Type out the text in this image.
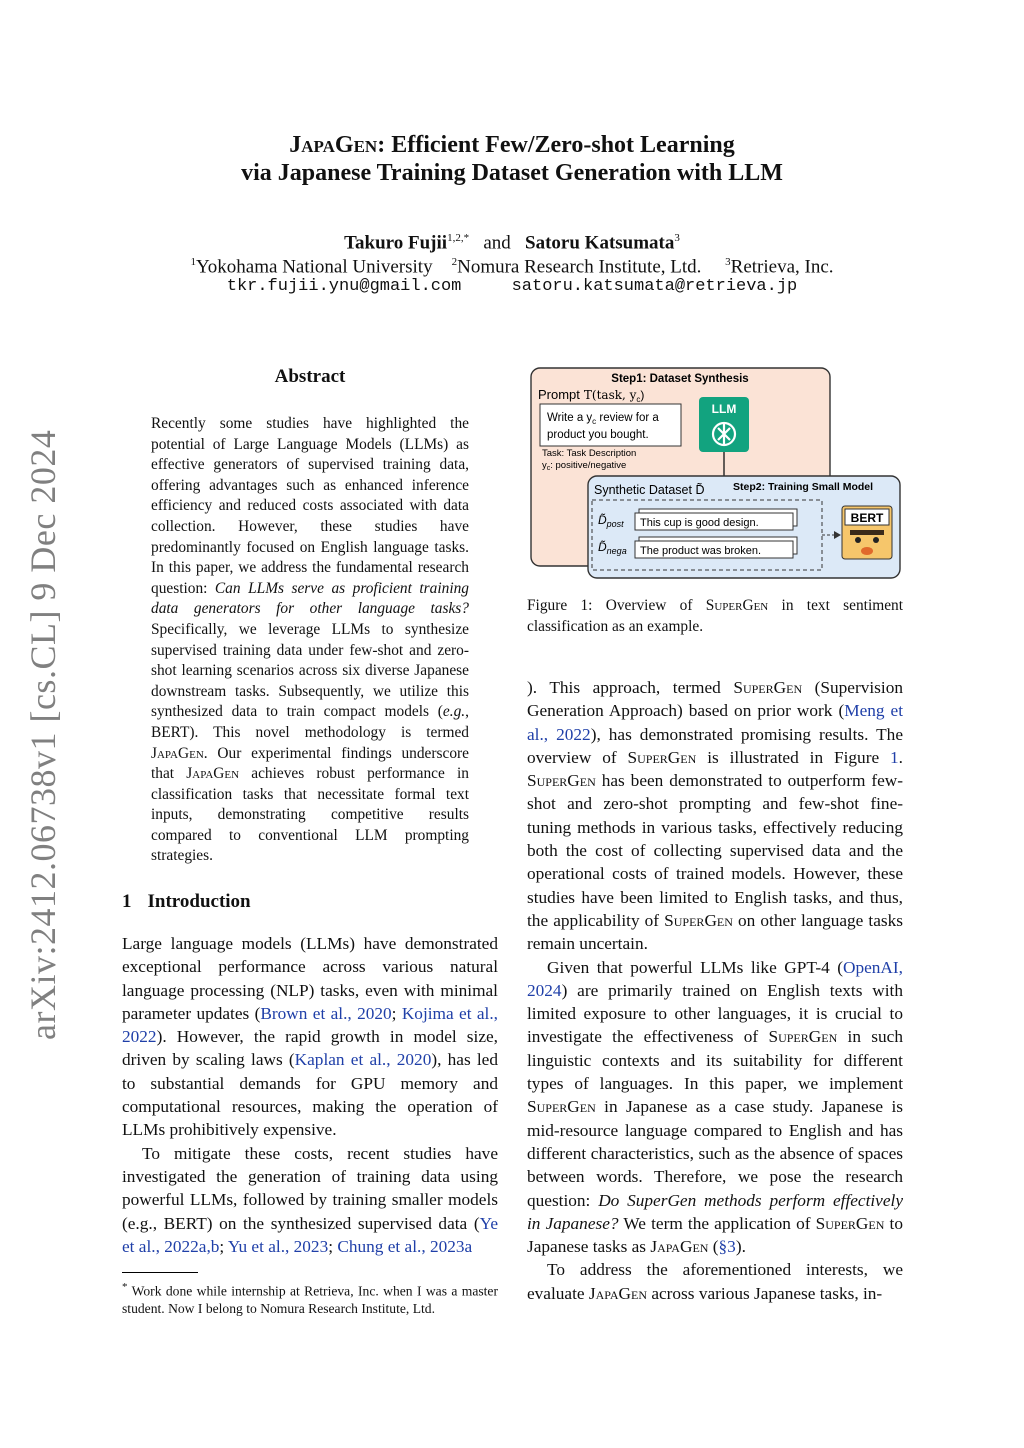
arXiv:2412.06738v1 [cs.CL] 9 Dec 2024
JapaGen: Efficient Few/Zero-shot Learning
via Japanese Training Dataset Generation with LLM
Takuro Fujii$^{1,2,*}$ and Satoru Katsumata$^3$
$^1$Yokohama National University $^2$Nomura Research Institute, Ltd. $^3$Retrieva, Inc.
tkr.fujii.ynu@gmail.com	satoru.katsumata@retrieva.jp
Abstract
Recently some studies have highlighted the potential of Large Language Models (LLMs) as effective generators of supervised training data, offering advantages such as enhanced inference efficiency and reduced costs associated with data collection. However, these studies have predominantly focused on English language tasks. In this paper, we address the fundamental research question: Can LLMs serve as proficient training data generators for other language tasks? Specifically, we leverage LLMs to synthesize supervised training data under few-shot and zero-shot learning scenarios across six diverse Japanese downstream tasks. Subsequently, we utilize this synthesized data to train compact models (e.g., BERT). This novel methodology is termed JapaGen. Our experimental findings underscore that JapaGen achieves robust performance in classification tasks that necessitate formal text inputs, demonstrating competitive results compared to conventional LLM prompting strategies.
1 Introduction

Large language models (LLMs) have demonstrated exceptional performance across various natural language processing (NLP) tasks, even with minimal parameter updates (Brown et al., 2020; Kojima et al., 2022). However, the rapid growth in model size, driven by scaling laws (Kaplan et al., 2020), has led to substantial demands for GPU memory and computational resources, making the operation of LLMs prohibitively expensive.

To mitigate these costs, recent studies have investigated the generation of training data using powerful LLMs, followed by training smaller models (e.g., BERT) on the synthesized supervised data (Ye et al., 2022a,b; Yu et al., 2023; Chung et al., 2023a

* Work done while internship at Retrieva, Inc. when I was a master student. Now I belong to Nomura Research Institute, Ltd.
Step1: Dataset Synthesis
Prompt T(task, $y_c$)
Write a $y_c$ review for a
product you bought.
Task: Task Description
$y_c$: positive/negative
LLM
Synthetic Dataset D̃	Step2: Training Small Model
$D̃_{post}$ This cup is good design.
$D̃_{nega}$ The product was broken.
BERT
Figure 1: Overview of SuperGen in text sentiment classification as an example.

). This approach, termed SuperGen (Supervision Generation Approach) based on prior work (Meng et al., 2022), has demonstrated promising results. The overview of SuperGen is illustrated in Figure 1. SuperGen has been demonstrated to outperform few-shot and zero-shot prompting and few-shot fine-tuning methods in various tasks, effectively reducing both the cost of collecting supervised data and the operational costs of trained models. However, these studies have been limited to English tasks, and thus, the applicability of SuperGen on other language tasks remain uncertain.

Given that powerful LLMs like GPT-4 (OpenAI, 2024) are primarily trained on English texts with limited exposure to other languages, it is crucial to investigate the effectiveness of SuperGen in such linguistic contexts and its suitability for different types of languages. In this paper, we implement SuperGen in Japanese as a case study. Japanese is mid-resource language compared to English and has different characteristics, such as the absence of spaces between words. Therefore, we pose the research question: Do SuperGen methods perform effectively in Japanese? We term the application of SuperGen to Japanese tasks as JapaGen (§3).

To address the aforementioned interests, we evaluate JapaGen across various Japanese tasks, in-
